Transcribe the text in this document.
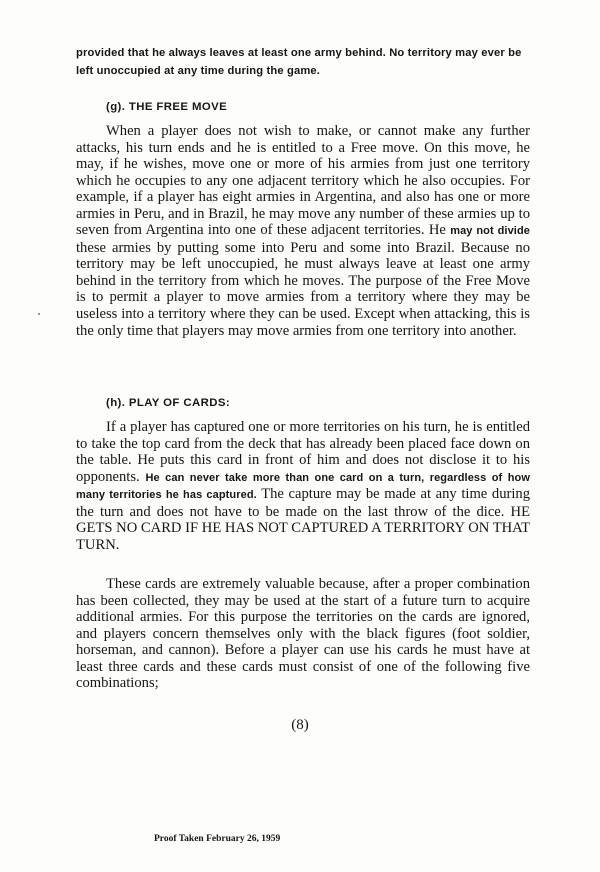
provided that he always leaves at least one army behind. No territory may ever be left unoccupied at any time during the game.

(g). THE FREE MOVE

When a player does not wish to make, or cannot make any further attacks, his turn ends and he is entitled to a Free move. On this move, he may, if he wishes, move one or more of his armies from just one territory which he occupies to any one adjacent territory which he also occupies. For example, if a player has eight armies in Argentina, and also has one or more armies in Peru, and in Brazil, he may move any number of these armies up to seven from Argentina into one of these adjacent territories. He may not divide these armies by putting some into Peru and some into Brazil. Because no territory may be left unoccupied, he must always leave at least one army behind in the territory from which he moves. The purpose of the Free Move is to permit a player to move armies from a territory where they may be useless into a territory where they can be used. Except when attacking, this is the only time that players may move armies from one territory into another.

(h). PLAY OF CARDS:

If a player has captured one or more territories on his turn, he is entitled to take the top card from the deck that has already been placed face down on the table. He puts this card in front of him and does not disclose it to his opponents. He can never take more than one card on a turn, regardless of how many territories he has captured. The capture may be made at any time during the turn and does not have to be made on the last throw of the dice. HE GETS NO CARD IF HE HAS NOT CAPTURED A TERRITORY ON THAT TURN.

These cards are extremely valuable because, after a proper combination has been collected, they may be used at the start of a future turn to acquire additional armies. For this purpose the territories on the cards are ignored, and players concern themselves only with the black figures (foot soldier, horseman, and cannon). Before a player can use his cards he must have at least three cards and these cards must consist of one of the following five combinations;

(8)

Proof Taken February 26, 1959
